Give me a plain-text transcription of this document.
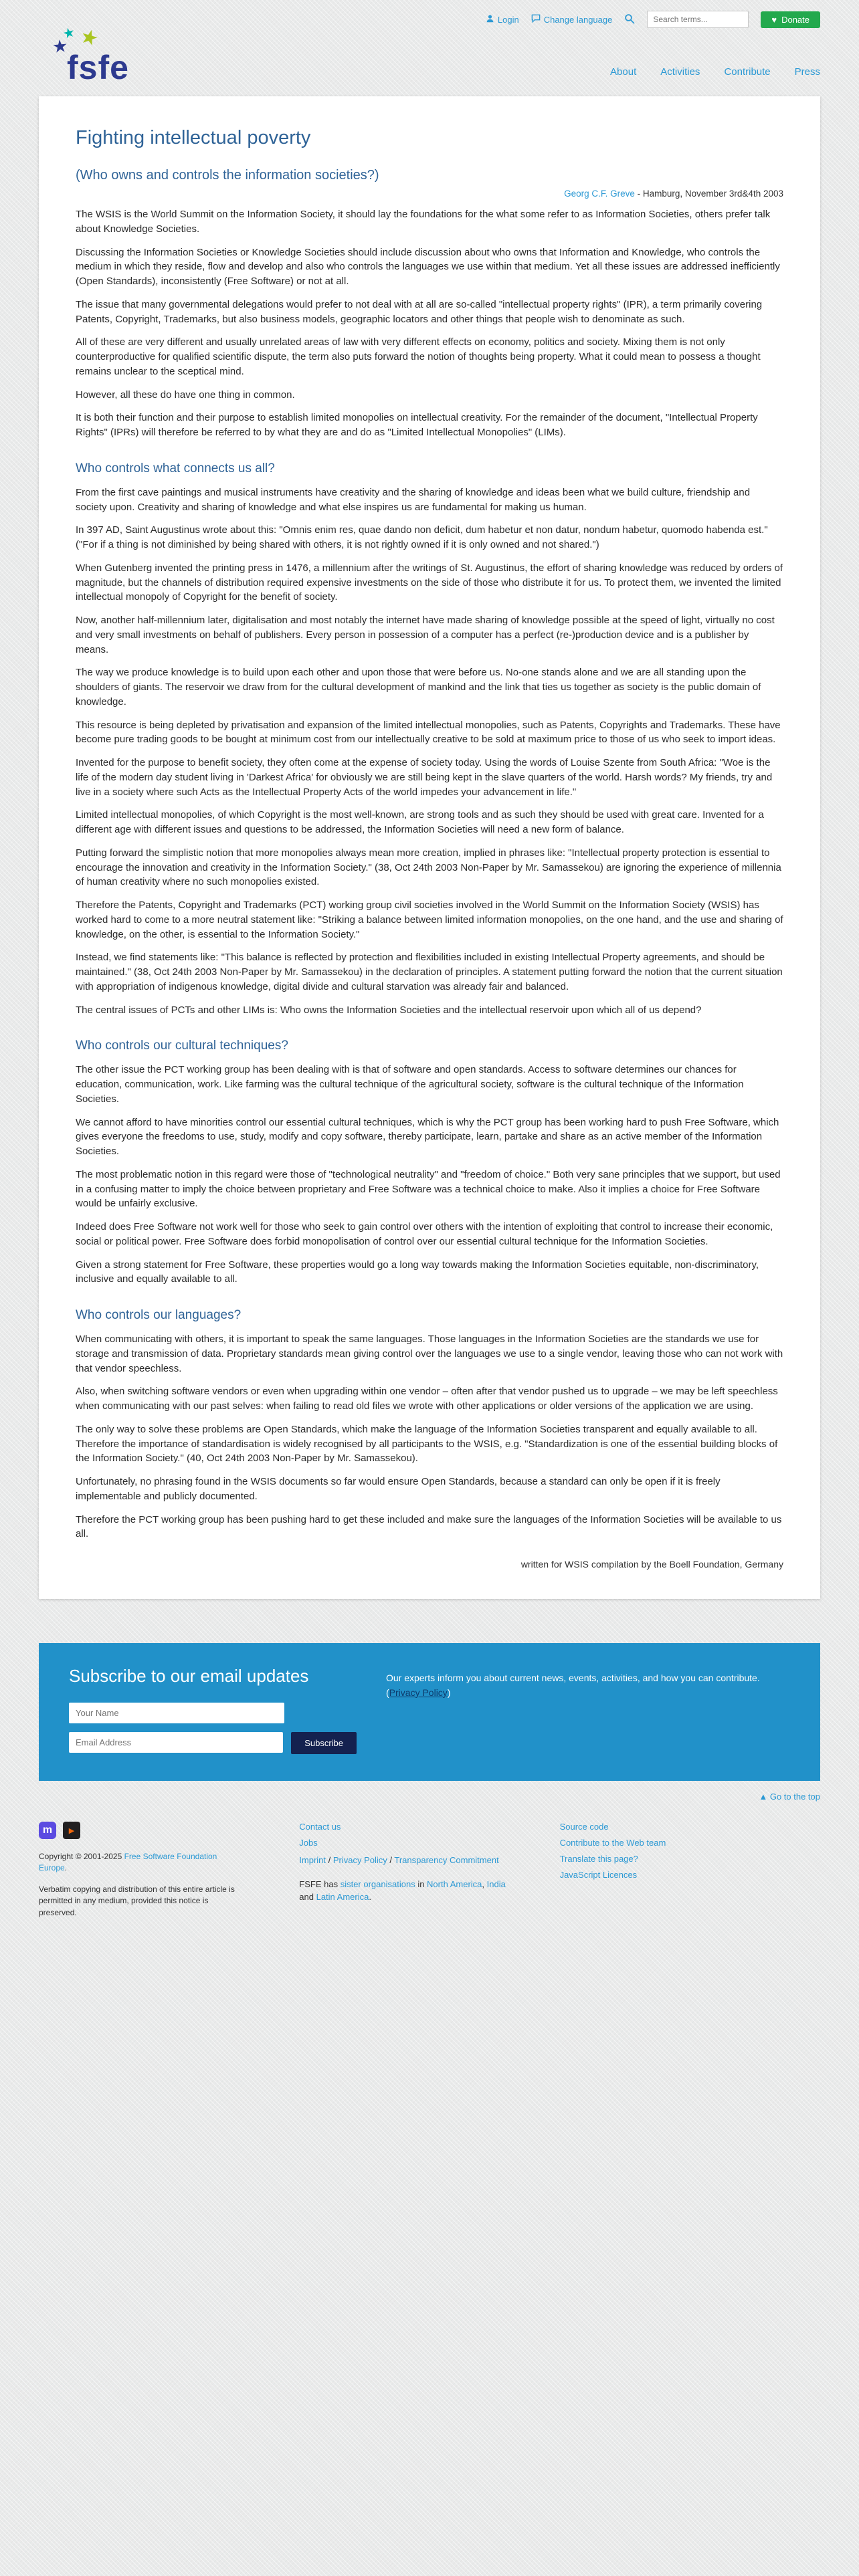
Login	Change language
Search terms...	♥ Donate
★ ★
★
fsfe	About Activities Contribute Press
Fighting intellectual poverty
(Who owns and controls the information societies?)
Georg C.F. Greve - Hamburg, November 3rd&4th 2003

The WSIS is the World Summit on the Information Society, it should lay the foundations for the what some refer to as Information Societies, others prefer talk about Knowledge Societies.

Discussing the Information Societies or Knowledge Societies should include discussion about who owns that Information and Knowledge, who controls the medium in which they reside, flow and develop and also who controls the languages we use within that medium. Yet all these issues are addressed inefficiently (Open Standards), inconsistently (Free Software) or not at all.

The issue that many governmental delegations would prefer to not deal with at all are so-called "intellectual property rights" (IPR), a term primarily covering Patents, Copyright, Trademarks, but also business models, geographic locators and other things that people wish to denominate as such.

All of these are very different and usually unrelated areas of law with very different effects on economy, politics and society. Mixing them is not only counterproductive for qualified scientific dispute, the term also puts forward the notion of thoughts being property. What it could mean to possess a thought remains unclear to the sceptical mind.

However, all these do have one thing in common.

It is both their function and their purpose to establish limited monopolies on intellectual creativity. For the remainder of the document, "Intellectual Property Rights" (IPRs) will therefore be referred to by what they are and do as "Limited Intellectual Monopolies" (LIMs).

Who controls what connects us all?

From the first cave paintings and musical instruments have creativity and the sharing of knowledge and ideas been what we build culture, friendship and society upon. Creativity and sharing of knowledge and what else inspires us are fundamental for making us human.

In 397 AD, Saint Augustinus wrote about this: "Omnis enim res, quae dando non deficit, dum habetur et non datur, nondum habetur, quomodo habenda est." ("For if a thing is not diminished by being shared with others, it is not rightly owned if it is only owned and not shared.")

When Gutenberg invented the printing press in 1476, a millennium after the writings of St. Augustinus, the effort of sharing knowledge was reduced by orders of magnitude, but the channels of distribution required expensive investments on the side of those who distribute it for us. To protect them, we invented the limited intellectual monopoly of Copyright for the benefit of society.

Now, another half-millennium later, digitalisation and most notably the internet have made sharing of knowledge possible at the speed of light, virtually no cost and very small investments on behalf of publishers. Every person in possession of a computer has a perfect (re-)production device and is a publisher by means.

The way we produce knowledge is to build upon each other and upon those that were before us. No-one stands alone and we are all standing upon the shoulders of giants. The reservoir we draw from for the cultural development of mankind and the link that ties us together as society is the public domain of knowledge.

This resource is being depleted by privatisation and expansion of the limited intellectual monopolies, such as Patents, Copyrights and Trademarks. These have become pure trading goods to be bought at minimum cost from our intellectually creative to be sold at maximum price to those of us who seek to import ideas.

Invented for the purpose to benefit society, they often come at the expense of society today. Using the words of Louise Szente from South Africa: "Woe is the life of the modern day student living in 'Darkest Africa' for obviously we are still being kept in the slave quarters of the world. Harsh words? My friends, try and live in a society where such Acts as the Intellectual Property Acts of the world impedes your advancement in life."

Limited intellectual monopolies, of which Copyright is the most well-known, are strong tools and as such they should be used with great care. Invented for a different age with different issues and questions to be addressed, the Information Societies will need a new form of balance.

Putting forward the simplistic notion that more monopolies always mean more creation, implied in phrases like: "Intellectual property protection is essential to encourage the innovation and creativity in the Information Society." (38, Oct 24th 2003 Non-Paper by Mr. Samassekou) are ignoring the experience of millennia of human creativity where no such monopolies existed.

Therefore the Patents, Copyright and Trademarks (PCT) working group civil societies involved in the World Summit on the Information Society (WSIS) has worked hard to come to a more neutral statement like: "Striking a balance between limited information monopolies, on the one hand, and the use and sharing of knowledge, on the other, is essential to the Information Society."

Instead, we find statements like: "This balance is reflected by protection and flexibilities included in existing Intellectual Property agreements, and should be maintained." (38, Oct 24th 2003 Non-Paper by Mr. Samassekou) in the declaration of principles. A statement putting forward the notion that the current situation with appropriation of indigenous knowledge, digital divide and cultural starvation was already fair and balanced.

The central issues of PCTs and other LIMs is: Who owns the Information Societies and the intellectual reservoir upon which all of us depend?

Who controls our cultural techniques?

The other issue the PCT working group has been dealing with is that of software and open standards. Access to software determines our chances for education, communication, work. Like farming was the cultural technique of the agricultural society, software is the cultural technique of the Information Societies.

We cannot afford to have minorities control our essential cultural techniques, which is why the PCT group has been working hard to push Free Software, which gives everyone the freedoms to use, study, modify and copy software, thereby participate, learn, partake and share as an active member of the Information Societies.

The most problematic notion in this regard were those of "technological neutrality" and "freedom of choice." Both very sane principles that we support, but used in a confusing matter to imply the choice between proprietary and Free Software was a technical choice to make. Also it implies a choice for Free Software would be unfairly exclusive.

Indeed does Free Software not work well for those who seek to gain control over others with the intention of exploiting that control to increase their economic, social or political power. Free Software does forbid monopolisation of control over our essential cultural technique for the Information Societies.

Given a strong statement for Free Software, these properties would go a long way towards making the Information Societies equitable, non-discriminatory, inclusive and equally available to all.

Who controls our languages?

When communicating with others, it is important to speak the same languages. Those languages in the Information Societies are the standards we use for storage and transmission of data. Proprietary standards mean giving control over the languages we use to a single vendor, leaving those who can not work with that vendor speechless.

Also, when switching software vendors or even when upgrading within one vendor – often after that vendor pushed us to upgrade – we may be left speechless when communicating with our past selves: when failing to read old files we wrote with other applications or older versions of the application we are using.

The only way to solve these problems are Open Standards, which make the language of the Information Societies transparent and equally available to all. Therefore the importance of standardisation is widely recognised by all participants to the WSIS, e.g. "Standardization is one of the essential building blocks of the Information Society." (40, Oct 24th 2003 Non-Paper by Mr. Samassekou).

Unfortunately, no phrasing found in the WSIS documents so far would ensure Open Standards, because a standard can only be open if it is freely implementable and publicly documented.

Therefore the PCT working group has been pushing hard to get these included and make sure the languages of the Information Societies will be available to us all.

written for WSIS compilation by the Boell Foundation, Germany
Subscribe to our email updates
Your Name
Email Address
Subscribe
Our experts inform you about current news, events, activities, and how you can contribute. (Privacy Policy)
▲ Go to the top
m	▶
Copyright © 2001-2025 Free Software Foundation Europe.
Verbatim copying and distribution of this entire article is permitted in any medium, provided this notice is preserved.
Contact us
Jobs
Imprint / Privacy Policy / Transparency Commitment
FSFE has sister organisations in North America, India and Latin America.
Source code
Contribute to the Web team
Translate this page?
JavaScript Licences
